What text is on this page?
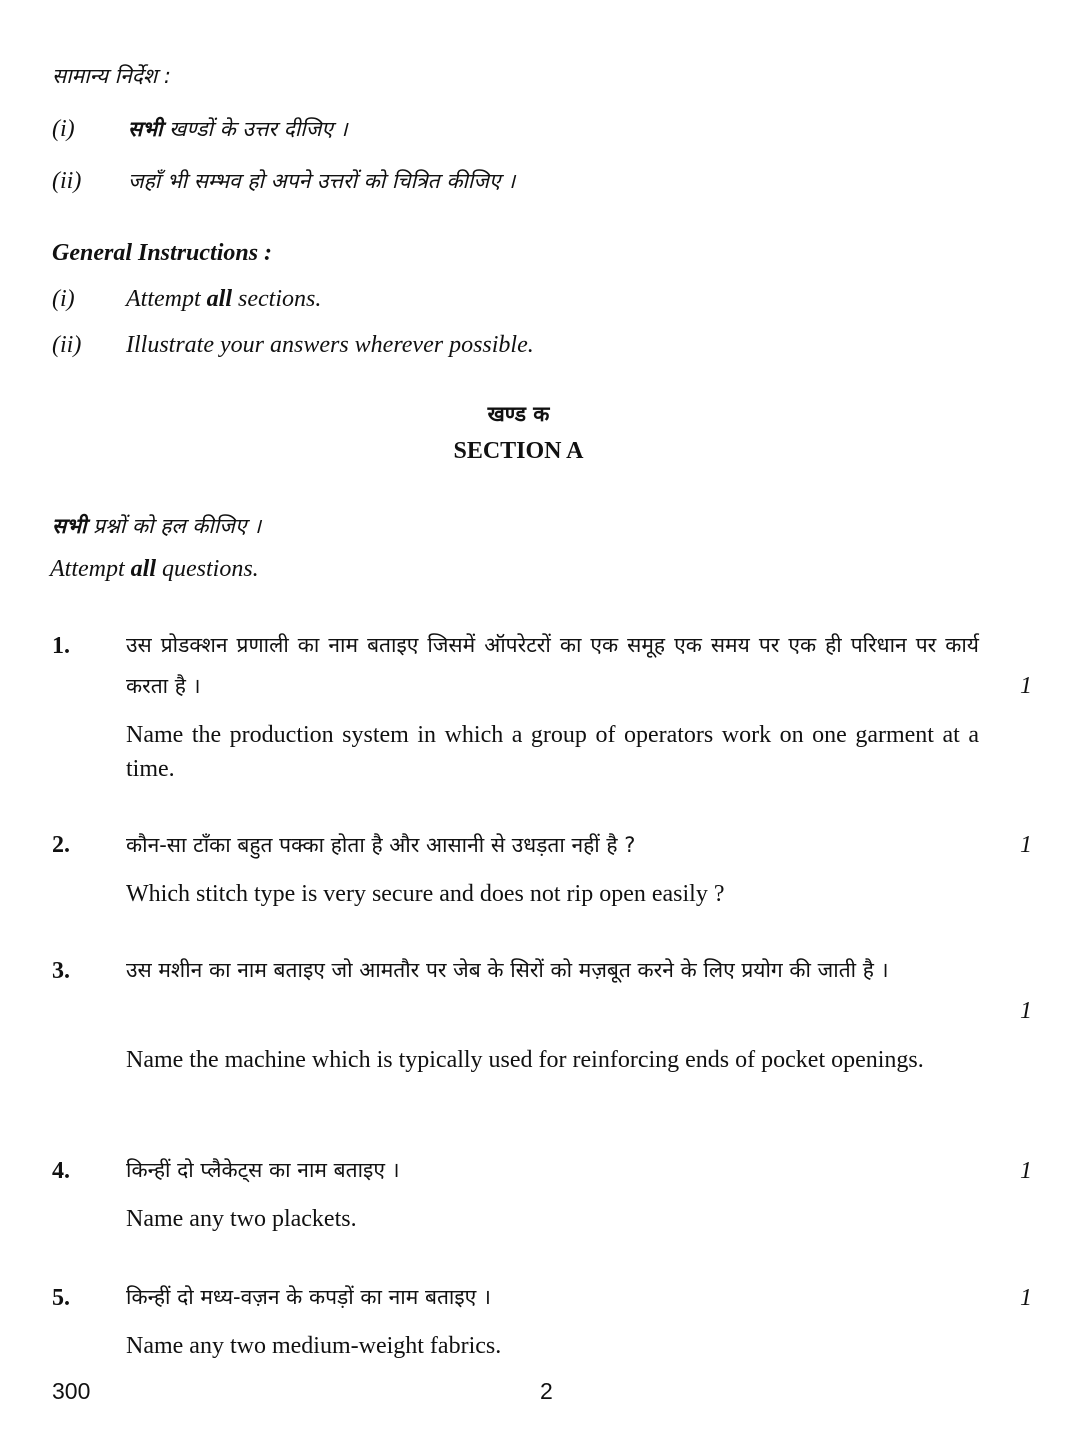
सामान्य निर्देश :
(i)	सभी खण्डों के उत्तर दीजिए ।
(ii) जहाँ भी सम्भव हो अपने उत्तरों को चित्रित कीजिए ।
General Instructions :
(i) Attempt all sections.
(ii) Illustrate your answers wherever possible.
खण्ड क
SECTION A
सभी प्रश्नों को हल कीजिए ।
Attempt all questions.
1.	उस प्रोडक्शन प्रणाली का नाम बताइए जिसमें ऑपरेटरों का एक समूह एक समय पर एक ही परिधान पर कार्य करता है ।	1
Name the production system in which a group of operators work on one garment at a time.
2.	कौन-सा टाँका बहुत पक्का होता है और आसानी से उधड़ता नहीं है ?	1
Which stitch type is very secure and does not rip open easily ?
3.	उस मशीन का नाम बताइए जो आमतौर पर जेब के सिरों को मज़बूत करने के लिए प्रयोग की जाती है ।
1
Name the machine which is typically used for reinforcing ends of pocket openings.
4.	किन्हीं दो प्लैकेट्स का नाम बताइए ।	1
Name any two plackets.
5.	किन्हीं दो मध्य-वज़न के कपड़ों का नाम बताइए ।	1
Name any two medium-weight fabrics.
300	2
